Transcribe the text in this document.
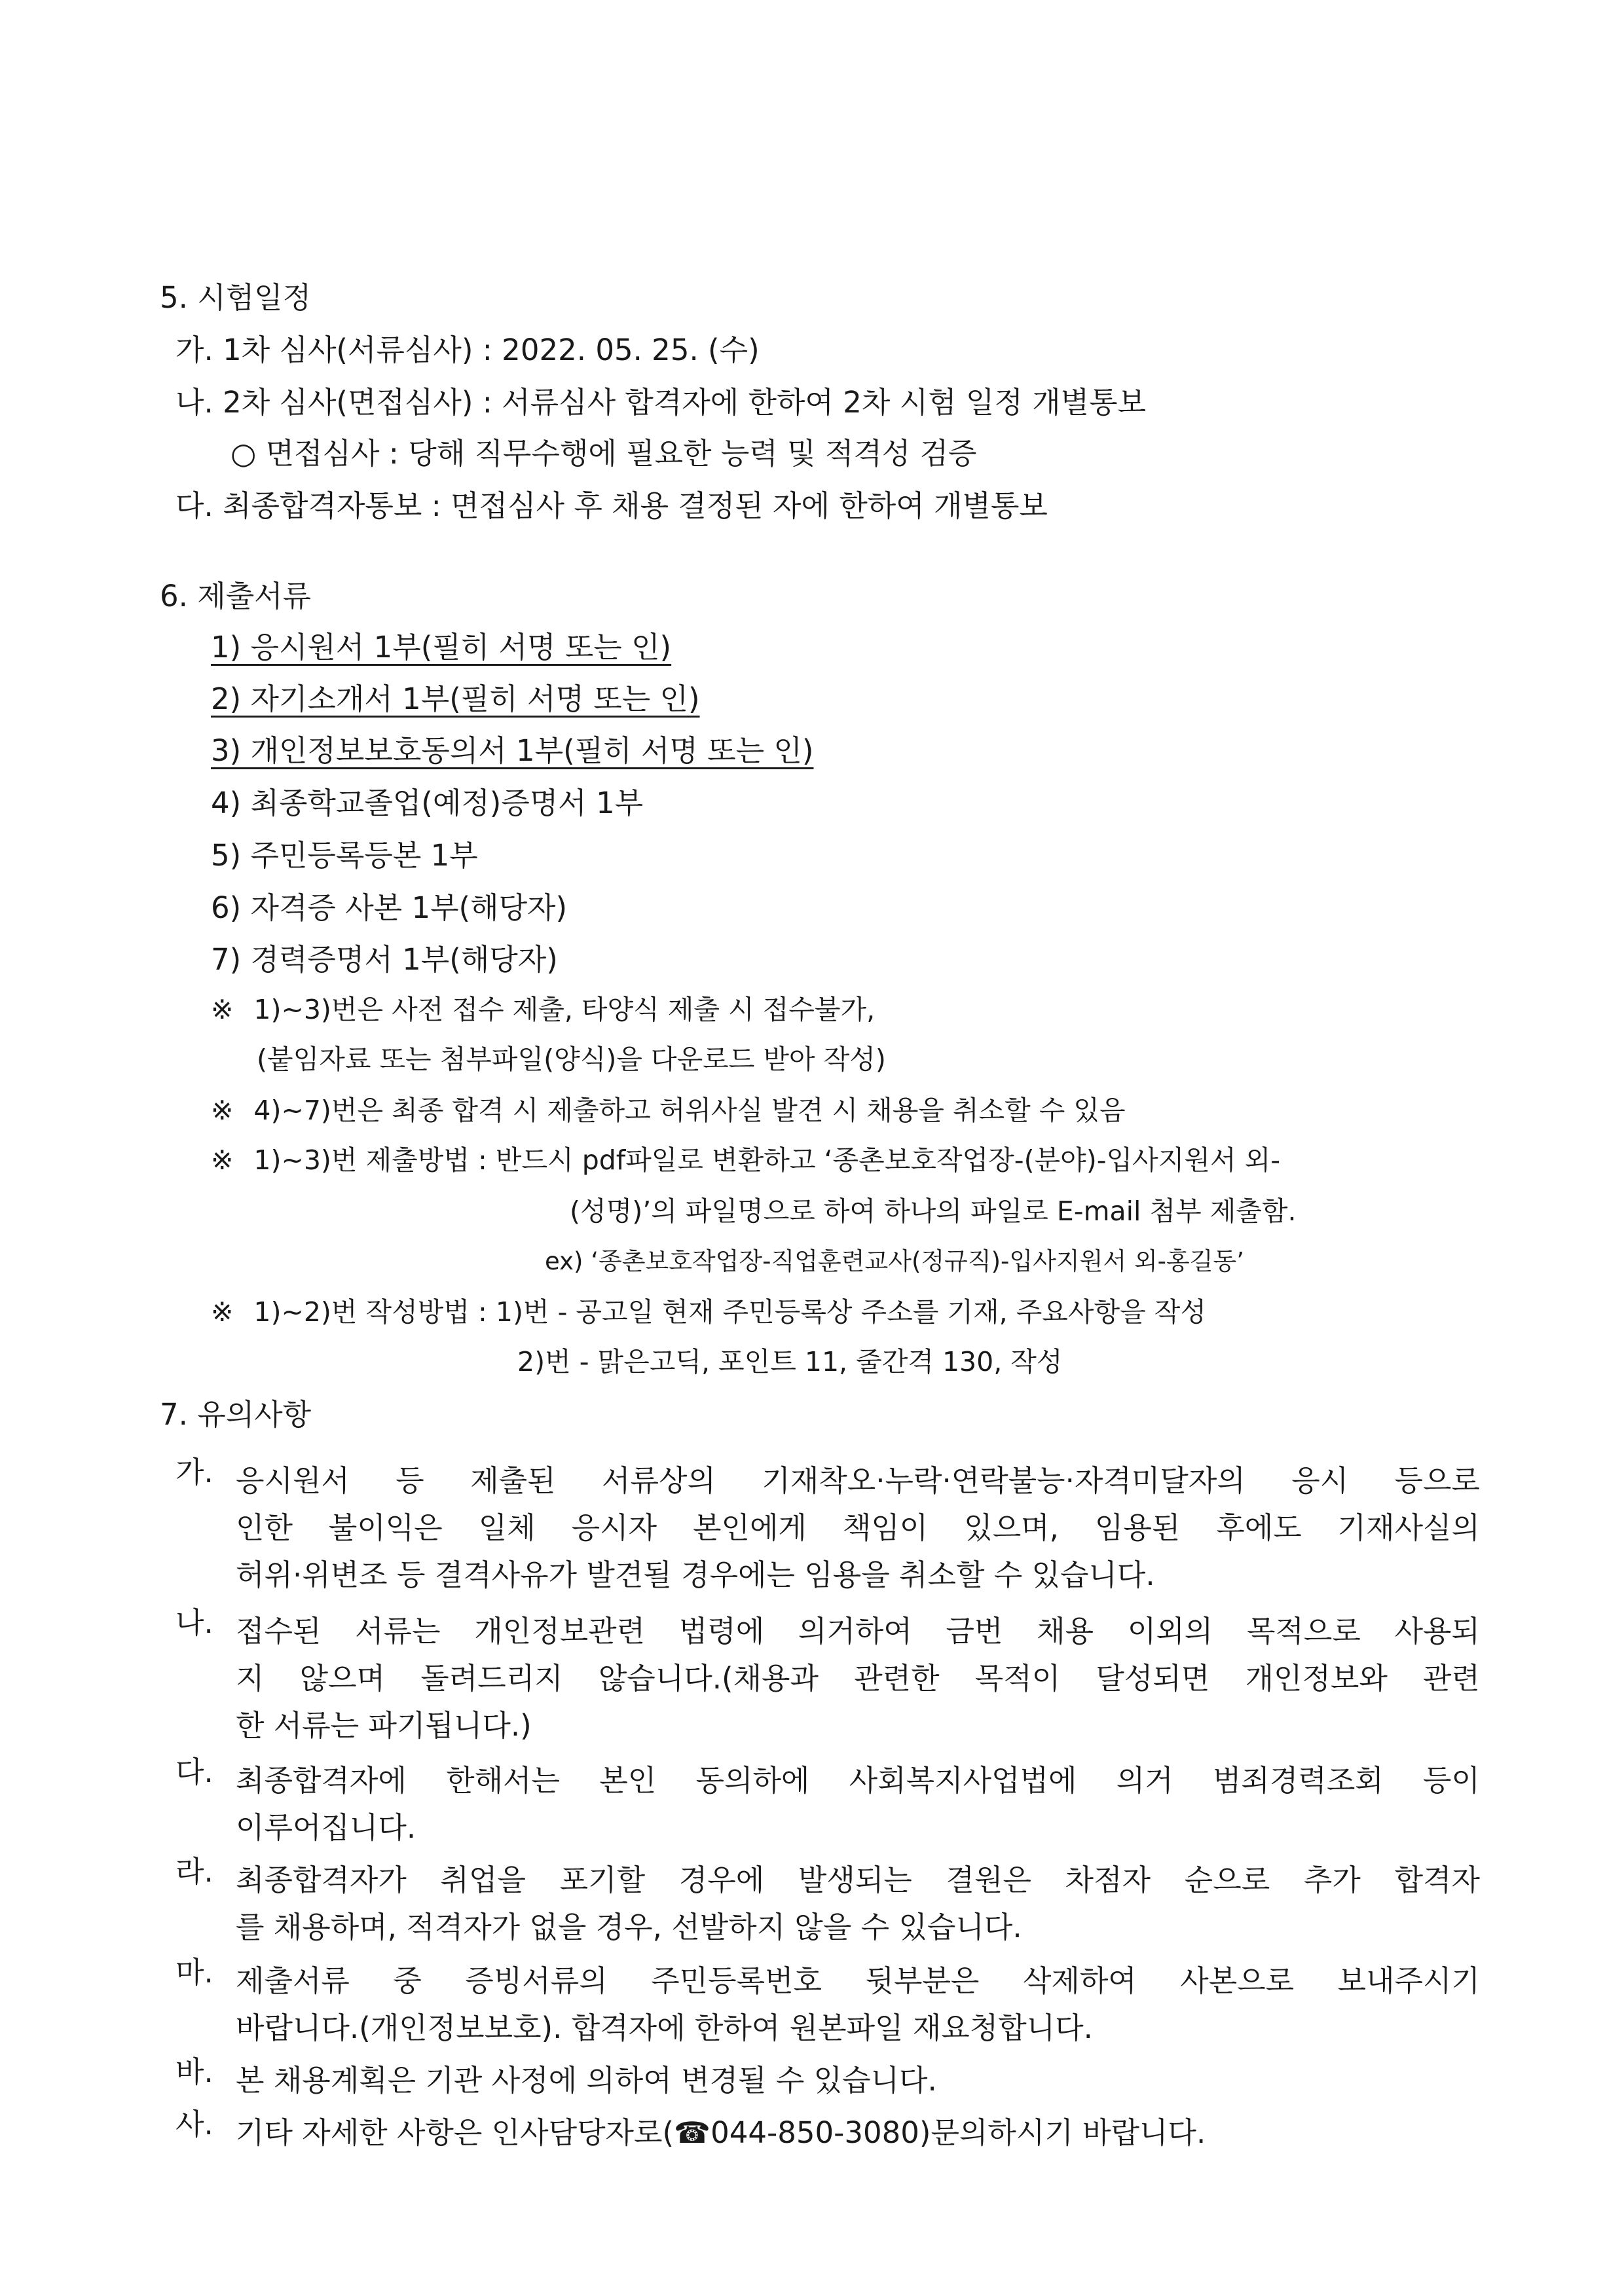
5. 시험일정
가. 1차 심사(서류심사) : 2022. 05. 25. (수)
나. 2차 심사(면접심사) : 서류심사 합격자에 한하여 2차 시험 일정 개별통보
○ 면접심사 : 당해 직무수행에 필요한 능력 및 적격성 검증
다. 최종합격자통보 : 면접심사 후 채용 결정된 자에 한하여 개별통보
6. 제출서류
1) 응시원서 1부(필히 서명 또는 인)
2) 자기소개서 1부(필히 서명 또는 인)
3) 개인정보보호동의서 1부(필히 서명 또는 인)
4) 최종학교졸업(예정)증명서 1부
5) 주민등록등본 1부
6) 자격증 사본 1부(해당자)
7) 경력증명서 1부(해당자)
※ 1)~3)번은 사전 접수 제출, 타양식 제출 시 접수불가,
(붙임자료 또는 첨부파일(양식)을 다운로드 받아 작성)
※ 4)~7)번은 최종 합격 시 제출하고 허위사실 발견 시 채용을 취소할 수 있음
※ 1)~3)번 제출방법 : 반드시 pdf파일로 변환하고 ‘종촌보호작업장-(분야)-입사지원서 외-
(성명)’의 파일명으로 하여 하나의 파일로 E-mail 첨부 제출함.
ex) ‘종촌보호작업장-직업훈련교사(정규직)-입사지원서 외-홍길동’
※ 1)~2)번 작성방법 : 1)번 - 공고일 현재 주민등록상 주소를 기재, 주요사항을 작성
2)번 - 맑은고딕, 포인트 11, 줄간격 130, 작성
7. 유의사항
가. 응시원서 등 제출된 서류상의 기재착오·누락·연락불능·자격미달자의 응시 등으로
인한 불이익은 일체 응시자 본인에게 책임이 있으며, 임용된 후에도 기재사실의
허위·위변조 등 결격사유가 발견될 경우에는 임용을 취소할 수 있습니다.
나. 접수된 서류는 개인정보관련 법령에 의거하여 금번 채용 이외의 목적으로 사용되
지 않으며 돌려드리지 않습니다.(채용과 관련한 목적이 달성되면 개인정보와 관련
한 서류는 파기됩니다.)
다. 최종합격자에 한해서는 본인 동의하에 사회복지사업법에 의거 범죄경력조회 등이
이루어집니다.
라. 최종합격자가 취업을 포기할 경우에 발생되는 결원은 차점자 순으로 추가 합격자
를 채용하며, 적격자가 없을 경우, 선발하지 않을 수 있습니다.
마. 제출서류 중 증빙서류의 주민등록번호 뒷부분은 삭제하여 사본으로 보내주시기
바랍니다.(개인정보보호). 합격자에 한하여 원본파일 재요청합니다.
바. 본 채용계획은 기관 사정에 의하여 변경될 수 있습니다.
사. 기타 자세한 사항은 인사담당자로(☎044-850-3080)문의하시기 바랍니다.
